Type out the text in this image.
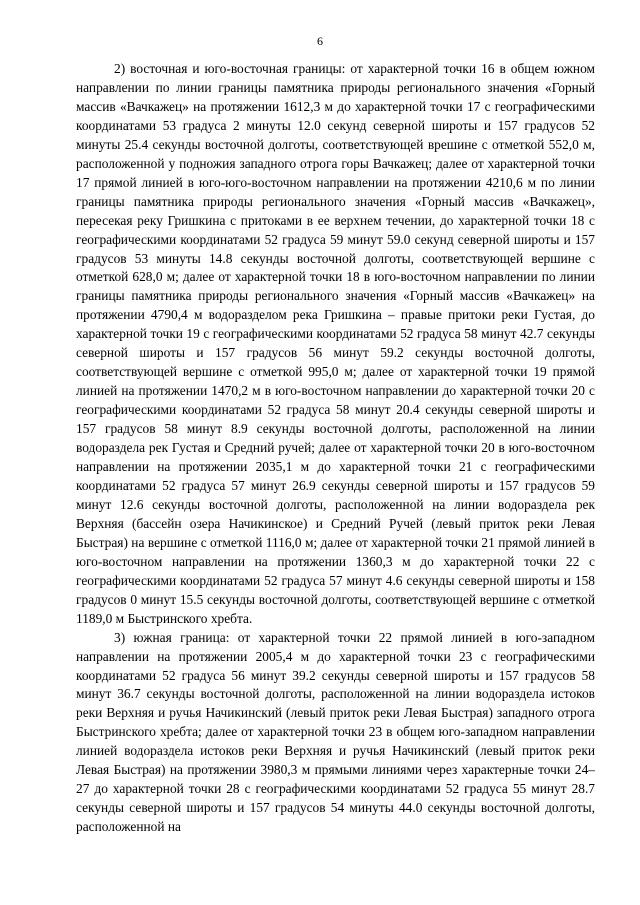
6

2) восточная и юго-восточная границы: от характерной точки 16 в общем южном направлении по линии границы памятника природы регионального значения «Горный массив «Вачкажец» на протяжении 1612,3 м до характерной точки 17 с географическими координатами 53 градуса 2 минуты 12.0 секунд северной широты и 157 градусов 52 минуты 25.4 секунды восточной долготы, соответствующей врешине с отметкой 552,0 м, расположенной у подножия западного отрога горы Вачкажец; далее от характерной точки 17 прямой линией в юго-юго-восточном направлении на протяжении 4210,6 м по линии границы памятника природы регионального значения «Горный массив «Вачкажец», пересекая реку Гришкина с притоками в ее верхнем течении, до характерной точки 18 с географическими координатами 52 градуса 59 минут 59.0 секунд северной широты и 157 градусов 53 минуты 14.8 секунды восточной долготы, соответствующей вершине с отметкой 628,0 м; далее от характерной точки 18 в юго-восточном направлении по линии границы памятника природы регионального значения «Горный массив «Вачкажец» на протяжении 4790,4 м водоразделом река Гришкина – правые притоки реки Густая, до характерной точки 19 с географическими координатами 52 градуса 58 минут 42.7 секунды северной широты и 157 градусов 56 минут 59.2 секунды восточной долготы, соответствующей вершине с отметкой 995,0 м; далее от характерной точки 19 прямой линией на протяжении 1470,2 м в юго-восточном направлении до характерной точки 20 с географическими координатами 52 градуса 58 минут 20.4 секунды северной широты и 157 градусов 58 минут 8.9 секунды восточной долготы, расположенной на линии водораздела рек Густая и Средний ручей; далее от характерной точки 20 в юго-восточном направлении на протяжении 2035,1 м до характерной точки 21 с географическими координатами 52 градуса 57 минут 26.9 секунды северной широты и 157 градусов 59 минут 12.6 секунды восточной долготы, расположенной на линии водораздела рек Верхняя (бассейн озера Начикинское) и Средний Ручей (левый приток реки Левая Быстрая) на вершине с отметкой 1116,0 м; далее от характерной точки 21 прямой линией в юго-восточном направлении на протяжении 1360,3 м до характерной точки 22 с географическими координатами 52 градуса 57 минут 4.6 секунды северной широты и 158 градусов 0 минут 15.5 секунды восточной долготы, соответствующей вершине с отметкой 1189,0 м Быстринского хребта.

3) южная граница: от характерной точки 22 прямой линией в юго-западном направлении на протяжении 2005,4 м до характерной точки 23 с географическими координатами 52 градуса 56 минут 39.2 секунды северной широты и 157 градусов 58 минут 36.7 секунды восточной долготы, расположенной на линии водораздела истоков реки Верхняя и ручья Начикинский (левый приток реки Левая Быстрая) западного отрога Быстринского хребта; далее от характерной точки 23 в общем юго-западном направлении линией водораздела истоков реки Верхняя и ручья Начикинский (левый приток реки Левая Быстрая) на протяжении 3980,3 м прямыми линиями через характерные точки 24–27 до характерной точки 28 с географическими координатами 52 градуса 55 минут 28.7 секунды северной широты и 157 градусов 54 минуты 44.0 секунды восточной долготы, расположенной на
